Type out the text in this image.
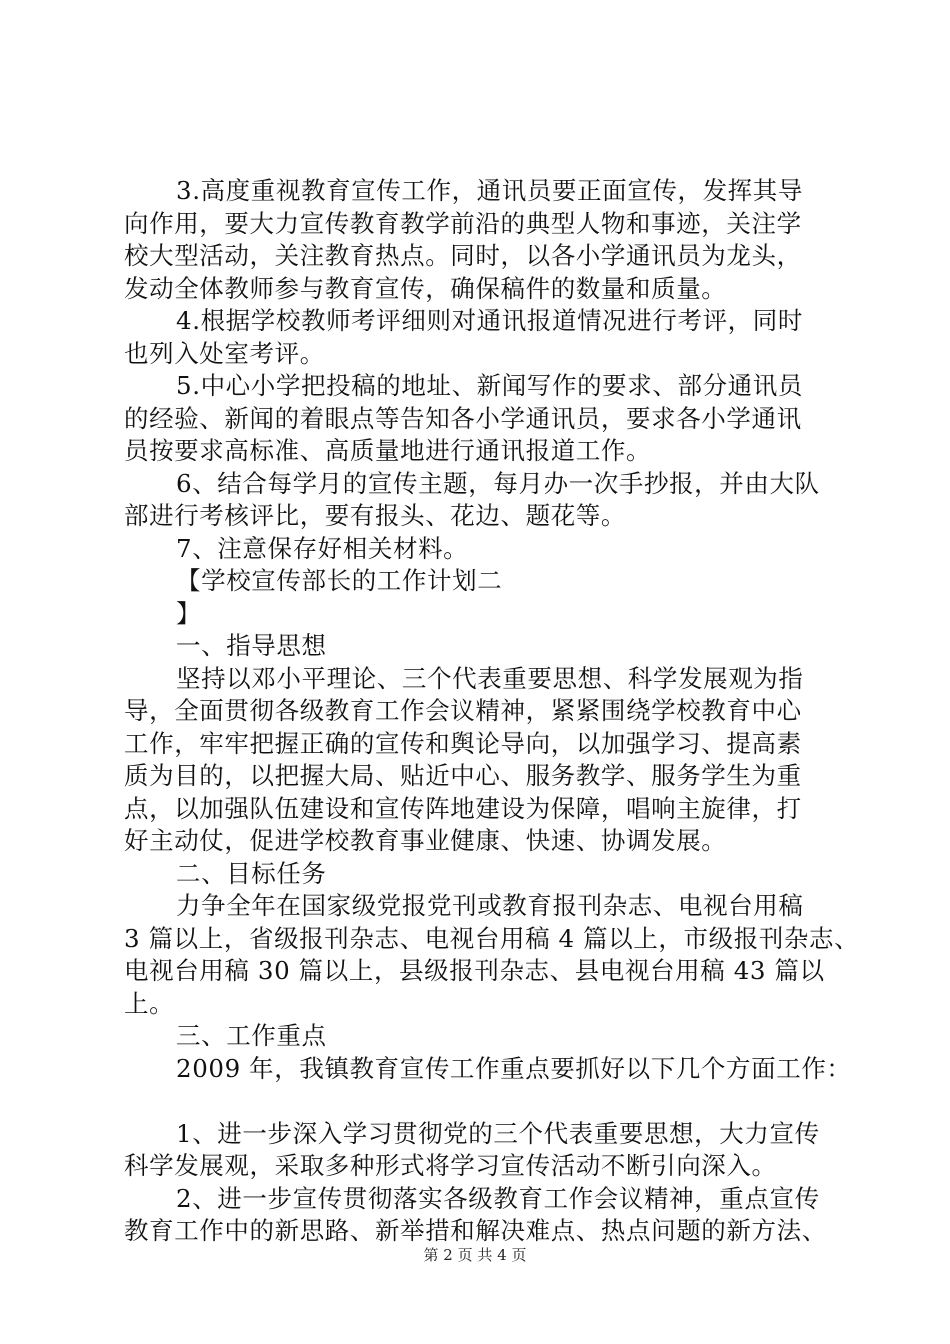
3.高度重视教育宣传工作，通讯员要正面宣传，发挥其导
向作用，要大力宣传教育教学前沿的典型人物和事迹，关注学
校大型活动，关注教育热点。同时，以各小学通讯员为龙头，
发动全体教师参与教育宣传，确保稿件的数量和质量。
4.根据学校教师考评细则对通讯报道情况进行考评，同时
也列入处室考评。
5.中心小学把投稿的地址、新闻写作的要求、部分通讯员
的经验、新闻的着眼点等告知各小学通讯员，要求各小学通讯
员按要求高标准、高质量地进行通讯报道工作。
6、结合每学月的宣传主题，每月办一次手抄报，并由大队
部进行考核评比，要有报头、花边、题花等。
7、注意保存好相关材料。
【学校宣传部长的工作计划二
】
一、指导思想
坚持以邓小平理论、三个代表重要思想、科学发展观为指
导，全面贯彻各级教育工作会议精神，紧紧围绕学校教育中心
工作，牢牢把握正确的宣传和舆论导向，以加强学习、提高素
质为目的，以把握大局、贴近中心、服务教学、服务学生为重
点，以加强队伍建设和宣传阵地建设为保障，唱响主旋律，打
好主动仗，促进学校教育事业健康、快速、协调发展。
二、目标任务
力争全年在国家级党报党刊或教育报刊杂志、电视台用稿
3 篇以上，省级报刊杂志、电视台用稿 4 篇以上，市级报刊杂志、
电视台用稿 30 篇以上，县级报刊杂志、县电视台用稿 43 篇以
上。
三、工作重点
2009 年，我镇教育宣传工作重点要抓好以下几个方面工作：
1、进一步深入学习贯彻党的三个代表重要思想，大力宣传
科学发展观，采取多种形式将学习宣传活动不断引向深入。
2、进一步宣传贯彻落实各级教育工作会议精神，重点宣传
教育工作中的新思路、新举措和解决难点、热点问题的新方法、
第 2 页 共 4 页
